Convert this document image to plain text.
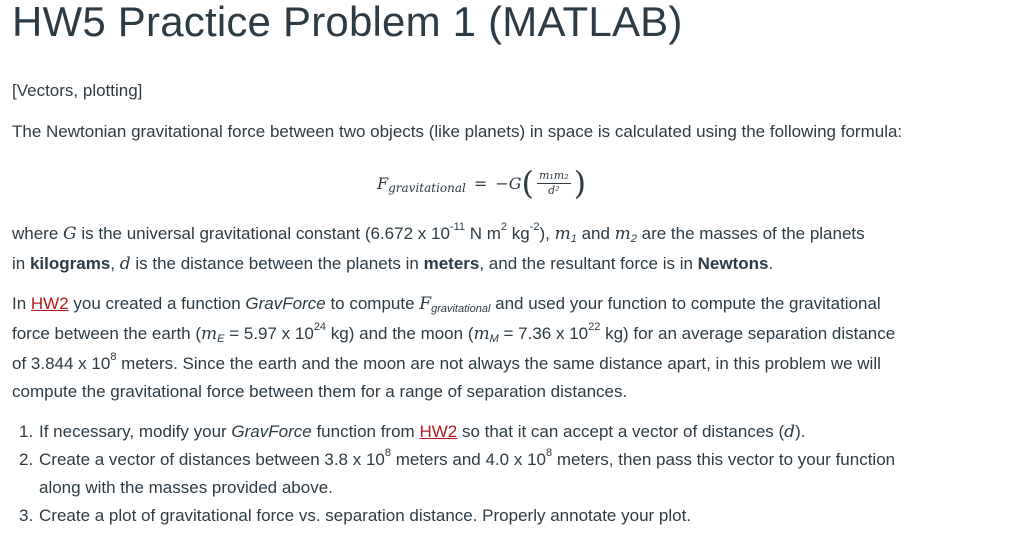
HW5 Practice Problem 1 (MATLAB)

[Vectors, plotting]

The Newtonian gravitational force between two objects (like planets) in space is calculated using the following formula:

F gravitational = −G ( $\frac{\text{m₁m₂}}{\text{d²}}$ )
where G is the universal gravitational constant (6.672 x $10^{-11}$ N $m^2$ $kg^{-2}$), m1 and m2 are the masses of the planets
in kilograms, d is the distance between the planets in meters, and the resultant force is in Newtons.
In HW2 you created a function GravForce to compute Fgravitational and used your function to compute the gravitational
force between the earth (mE = 5.97 x $10^{24}$ kg) and the moon (mM = 7.36 x $10^{22}$ kg) for an average separation distance
of 3.844 x $10^8$ meters. Since the earth and the moon are not always the same distance apart, in this problem we will
compute the gravitational force between them for a range of separation distances.
1. If necessary, modify your GravForce function from HW2 so that it can accept a vector of distances (d).
2. Create a vector of distances between 3.8 x $10^8$ meters and 4.0 x $10^8$ meters, then pass this vector to your function
along with the masses provided above.
3. Create a plot of gravitational force vs. separation distance. Properly annotate your plot.
